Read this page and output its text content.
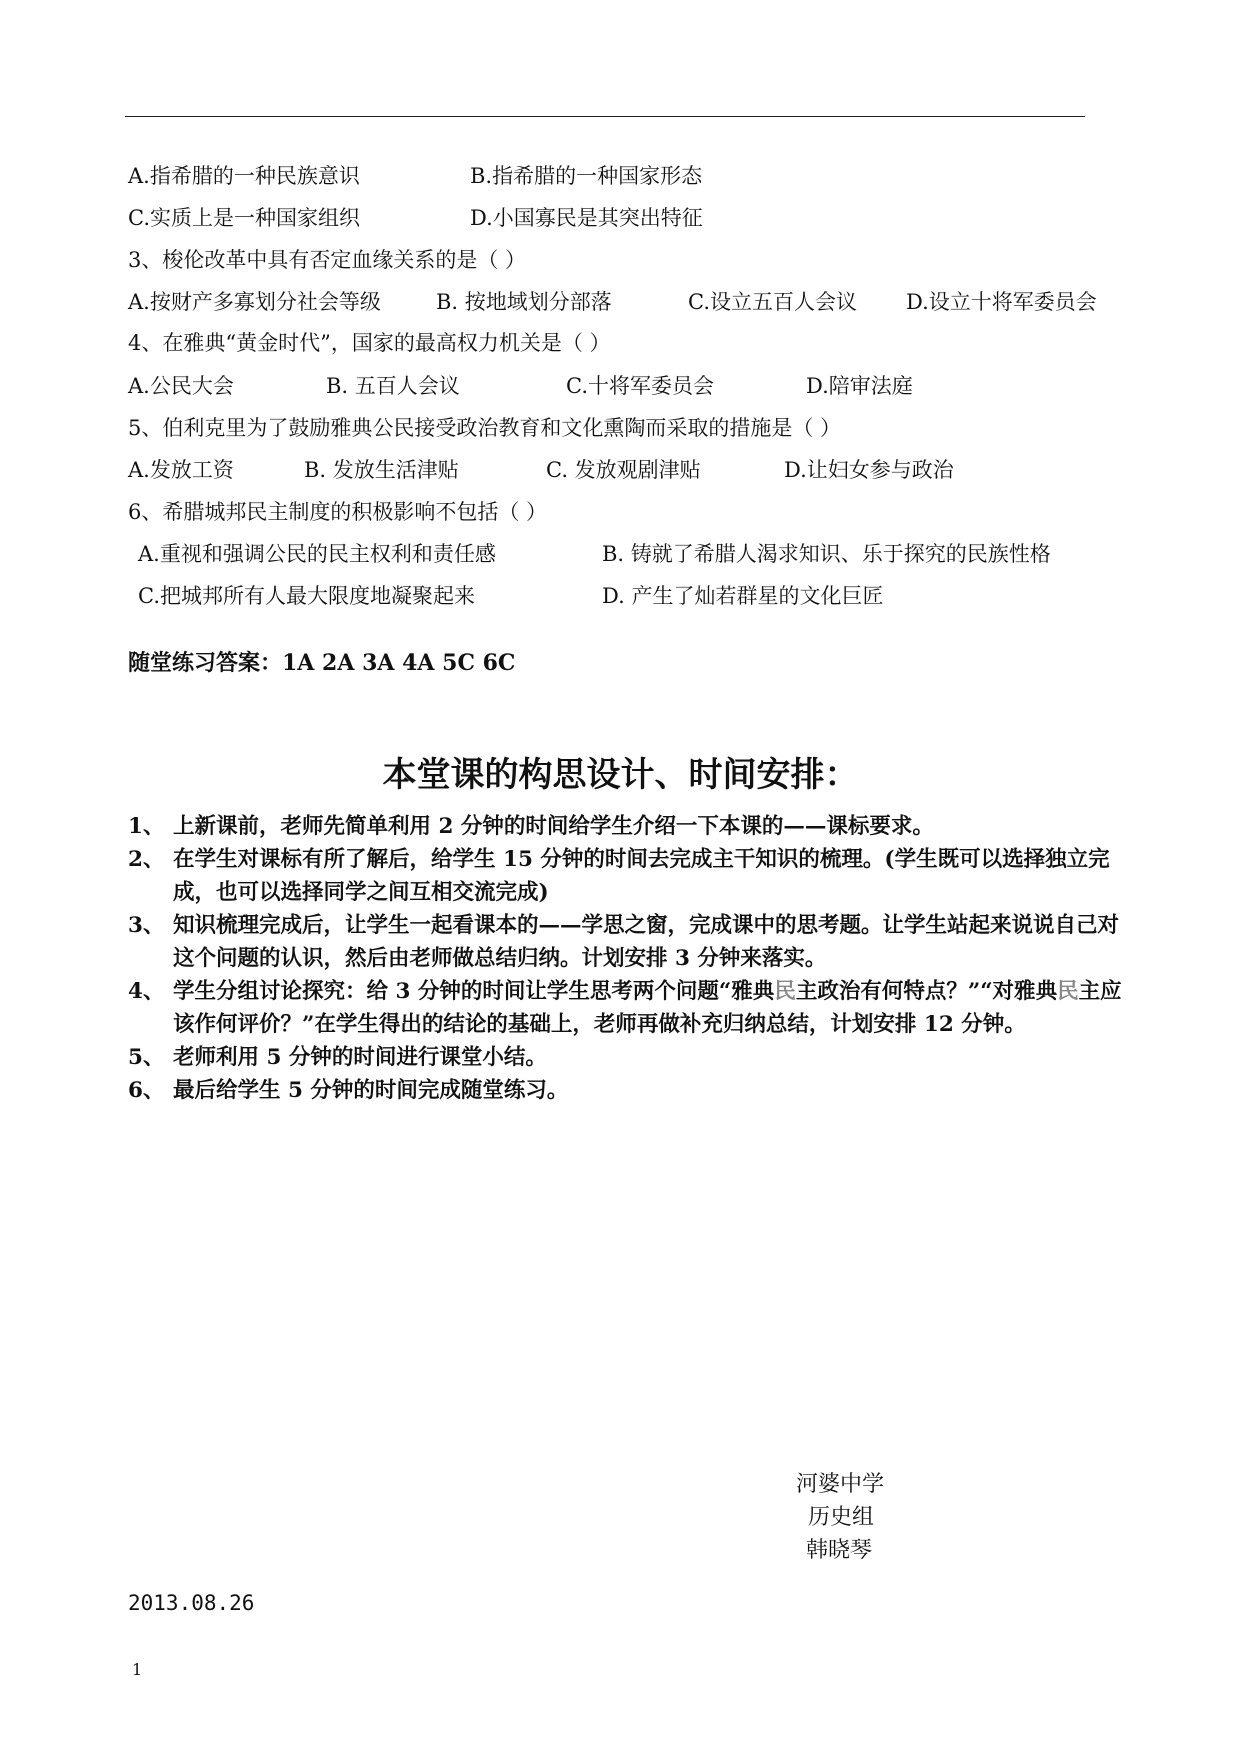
A.指希腊的一种民族意识	B.指希腊的一种国家形态
C.实质上是一种国家组织	D.小国寡民是其突出特征
3、梭伦改革中具有否定血缘关系的是（ ）
A.按财产多寡划分社会等级	B. 按地域划分部落	C.设立五百人会议 D.设立十将军委员会
4、在雅典“黄金时代”，国家的最高权力机关是（ ）
A.公民大会	B. 五百人会议	C.十将军委员会	D.陪审法庭
5、伯利克里为了鼓励雅典公民接受政治教育和文化熏陶而采取的措施是（ ）
A.发放工资	B. 发放生活津贴	C. 发放观剧津贴	D.让妇女参与政治
6、希腊城邦民主制度的积极影响不包括（ ）
A.重视和强调公民的民主权利和责任感	B. 铸就了希腊人渴求知识、乐于探究的民族性格
C.把城邦所有人最大限度地凝聚起来	D. 产生了灿若群星的文化巨匠
随堂练习答案：1A 2A 3A 4A 5C 6C
本堂课的构思设计、时间安排：
1、 上新课前，老师先简单利用 2 分钟的时间给学生介绍一下本课的——课标要求。
2、 在学生对课标有所了解后，给学生 15 分钟的时间去完成主干知识的梳理。(学生既可以选择独立完成，也可以选择同学之间互相交流完成)
3、 知识梳理完成后，让学生一起看课本的——学思之窗，完成课中的思考题。让学生站起来说说自己对这个问题的认识，然后由老师做总结归纳。计划安排 3 分钟来落实。
4、 学生分组讨论探究：给 3 分钟的时间让学生思考两个问题“雅典民主政治有何特点？”“对雅典民主应该作何评价？”在学生得出的结论的基础上，老师再做补充归纳总结，计划安排 12 分钟。
5、 老师利用 5 分钟的时间进行课堂小结。
6、 最后给学生 5 分钟的时间完成随堂练习。
河婆中学
历史组
韩晓琴
2013.08.26
1
